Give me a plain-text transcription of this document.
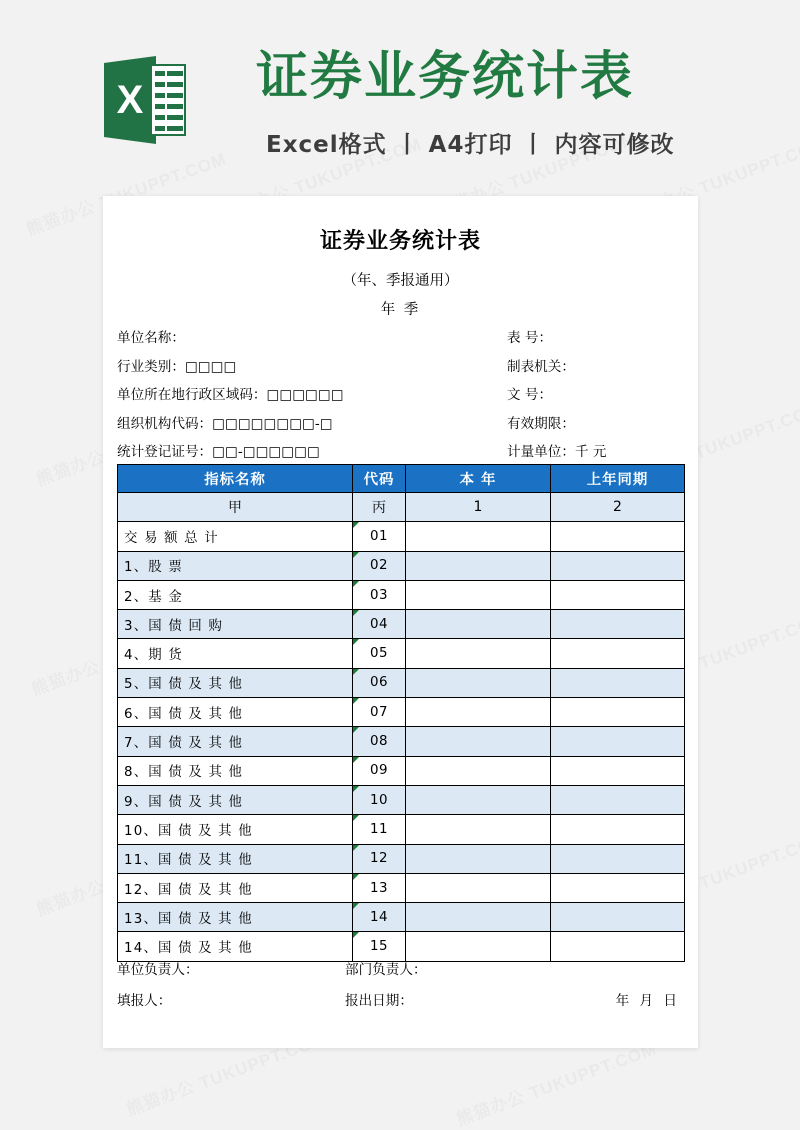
X 证券业务统计表
Excel格式 丨 A4打印 丨 内容可修改
证券业务统计表
（年、季报通用）
年 季
单位名称：	表 号：
行业类别：□□□□	制表机关：
单位所在地行政区域码：□□□□□□	文 号：
组织机构代码：□□□□□□□□-□	有效期限：
统计登记证号：□□-□□□□□□	计量单位：千 元
指标名称	代码	本 年	上年同期
甲	丙	1	2
交 易 额 总 计	01		
1、股 票	02		
2、基 金	03		
3、国 债 回 购	04		
4、期 货	05		
5、国 债 及 其 他	06		
6、国 债 及 其 他	07		
7、国 债 及 其 他	08		
8、国 债 及 其 他	09		
9、国 债 及 其 他	10		
10、国 债 及 其 他	11		
11、国 债 及 其 他	12		
12、国 债 及 其 他	13		
13、国 债 及 其 他	14		
14、国 债 及 其 他	15		
单位负责人：	部门负责人：
填报人：	报出日期：	年 月 日
